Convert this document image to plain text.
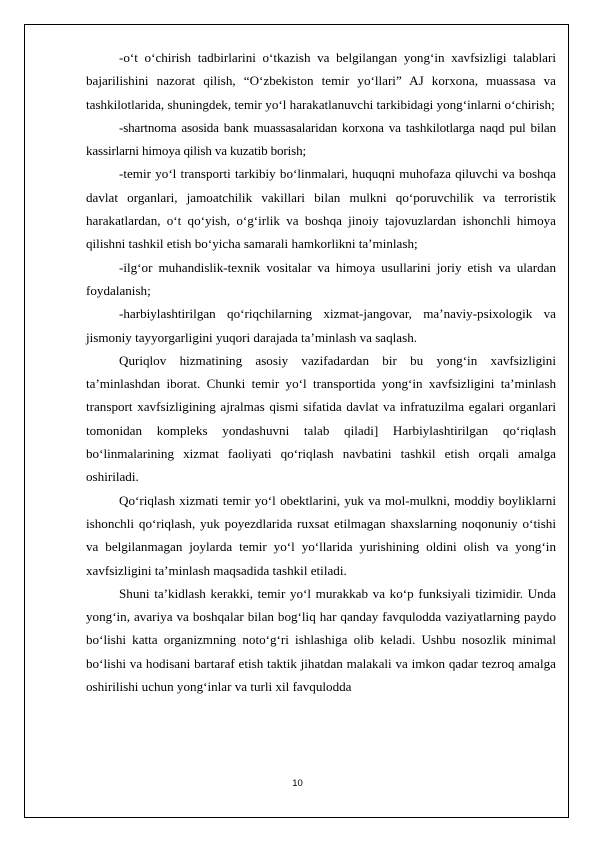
-o‘t o‘chirish tadbirlarini o‘tkazish va belgilangan yong‘in xavfsizligi talablari bajarilishini nazorat qilish, “O‘zbekiston temir yo‘llari” AJ korxona, muassasa va tashkilotlarida, shuningdek, temir yo‘l harakatlanuvchi tarkibidagi yong‘inlarni o‘chirish;

-shartnoma asosida bank muassasalaridan korxona va tashkilotlarga naqd pul bilan kassirlarni himoya qilish va kuzatib borish;

-temir yo‘l transporti tarkibiy bo‘linmalari, huquqni muhofaza qiluvchi va boshqa davlat organlari, jamoatchilik vakillari bilan mulkni qo‘poruvchilik va terroristik harakatlardan, o‘t qo‘yish, o‘g‘irlik va boshqa jinoiy tajovuzlardan ishonchli himoya qilishni tashkil etish bo‘yicha samarali hamkorlikni ta’minlash;

-ilg‘or muhandislik-texnik vositalar va himoya usullarini joriy etish va ulardan foydalanish;

-harbiylashtirilgan qo‘riqchilarning xizmat-jangovar, ma’naviy-psixologik va jismoniy tayyorgarligini yuqori darajada ta’minlash va saqlash.

Quriqlov hizmatining asosiy vazifadardan bir bu yong‘in xavfsizligini ta’minlashdan iborat. Chunki temir yo‘l transportida yong‘in xavfsizligini ta’minlash transport xavfsizligining ajralmas qismi sifatida davlat va infratuzilma egalari organlari tomonidan kompleks yondashuvni talab qiladi] Harbiylashtirilgan qo‘riqlash bo‘linmalarining xizmat faoliyati qo‘riqlash navbatini tashkil etish orqali amalga oshiriladi.

Qo‘riqlash xizmati temir yo‘l obektlarini, yuk va mol-mulkni, moddiy boyliklarni ishonchli qo‘riqlash, yuk poyezdlarida ruxsat etilmagan shaxslarning noqonuniy o‘tishi va belgilanmagan joylarda temir yo‘l yo‘llarida yurishining oldini olish va yong‘in xavfsizligini ta’minlash maqsadida tashkil etiladi.

Shuni ta’kidlash kerakki, temir yo‘l murakkab va ko‘p funksiyali tizimidir. Unda yong‘in, avariya va boshqalar bilan bog‘liq har qanday favqulodda vaziyatlarning paydo bo‘lishi katta organizmning noto‘g‘ri ishlashiga olib keladi. Ushbu nosozlik minimal bo‘lishi va hodisani bartaraf etish taktik jihatdan malakali va imkon qadar tezroq amalga oshirilishi uchun yong‘inlar va turli xil favqulodda

10
